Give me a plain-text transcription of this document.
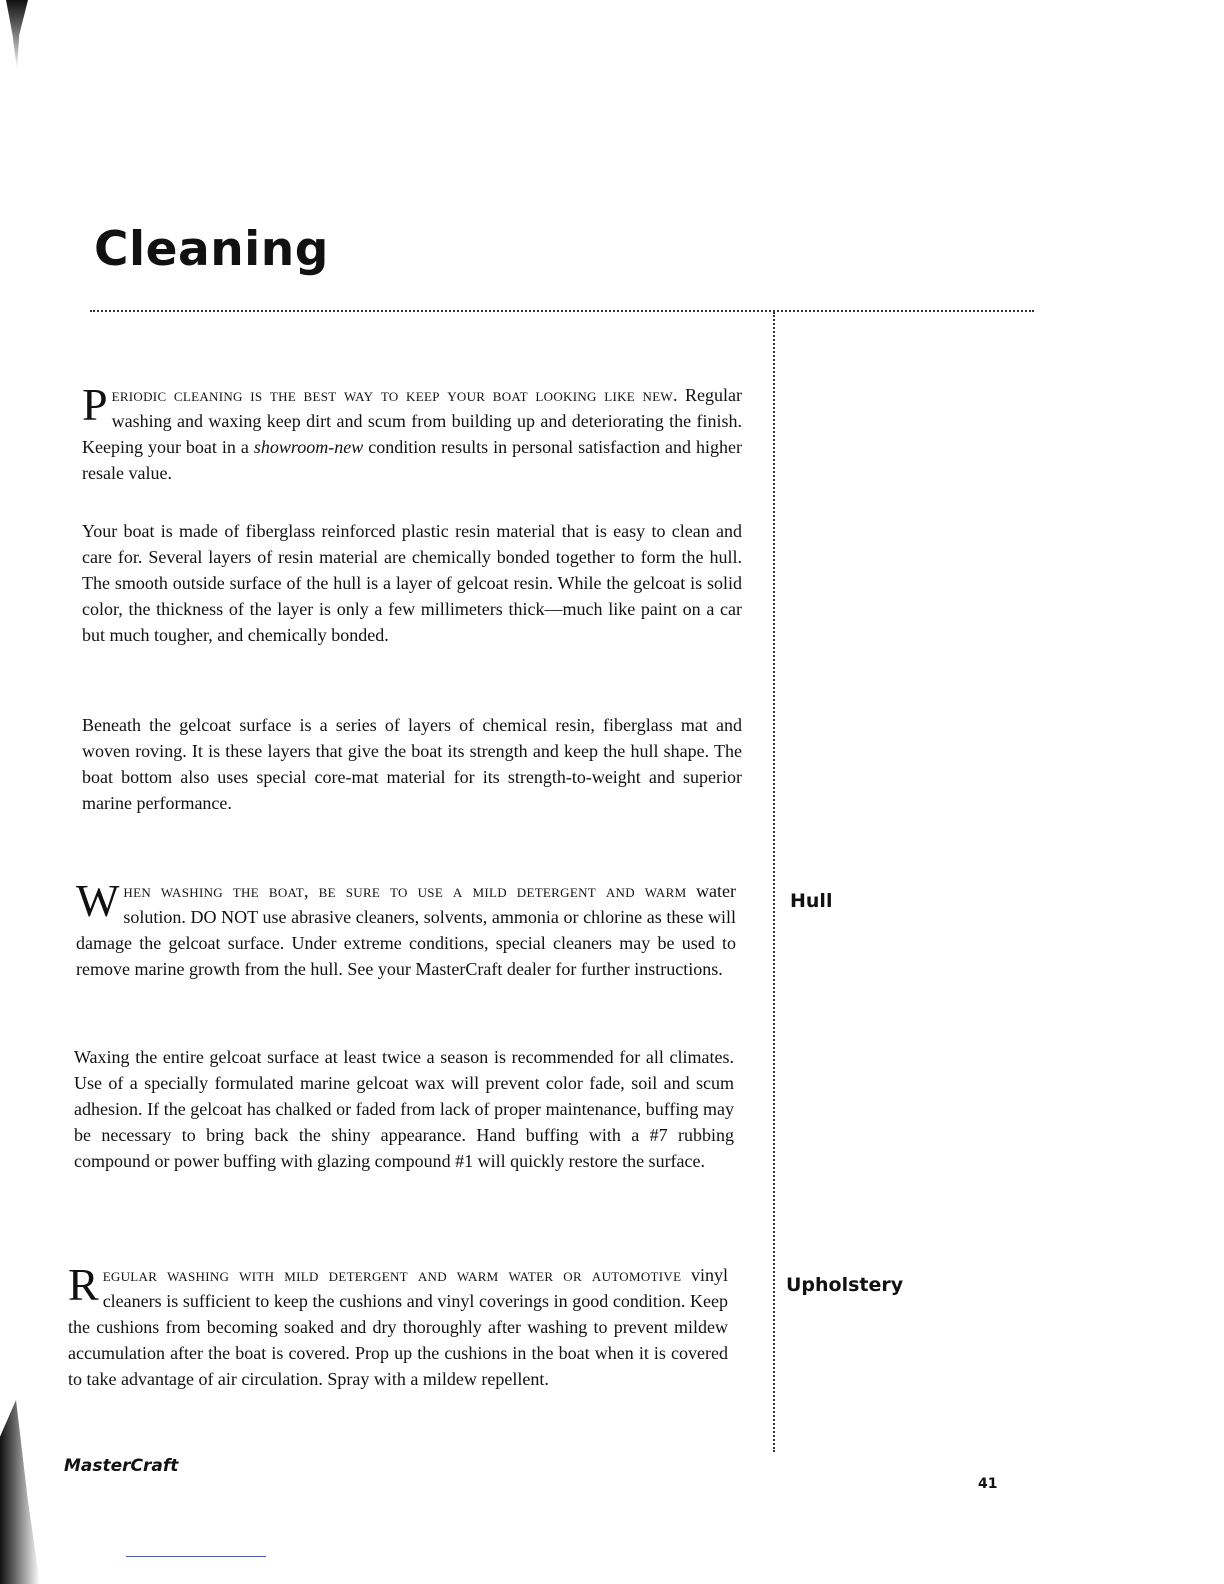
Cleaning

Periodic cleaning is the best way to keep your boat looking like new. Regular washing and waxing keep dirt and scum from building up and deteriorating the finish. Keeping your boat in a showroom-new condition results in personal satisfaction and higher resale value.

Your boat is made of fiberglass reinforced plastic resin material that is easy to clean and care for. Several layers of resin material are chemically bonded together to form the hull. The smooth outside surface of the hull is a layer of gelcoat resin. While the gelcoat is solid color, the thickness of the layer is only a few millimeters thick—much like paint on a car but much tougher, and chemically bonded.

Beneath the gelcoat surface is a series of layers of chemical resin, fiberglass mat and woven roving. It is these layers that give the boat its strength and keep the hull shape. The boat bottom also uses special core-mat material for its strength-to-weight and superior marine performance.

Hull

When washing the boat, be sure to use a mild detergent and warm water solution. DO NOT use abrasive cleaners, solvents, ammonia or chlorine as these will damage the gelcoat surface. Under extreme conditions, special cleaners may be used to remove marine growth from the hull. See your MasterCraft dealer for further instructions.

Waxing the entire gelcoat surface at least twice a season is recommended for all climates. Use of a specially formulated marine gelcoat wax will prevent color fade, soil and scum adhesion. If the gelcoat has chalked or faded from lack of proper maintenance, buffing may be necessary to bring back the shiny appearance. Hand buffing with a #7 rubbing compound or power buffing with glazing compound #1 will quickly restore the surface.

Upholstery

Regular washing with mild detergent and warm water or automotive vinyl cleaners is sufficient to keep the cushions and vinyl coverings in good condition. Keep the cushions from becoming soaked and dry thoroughly after washing to prevent mildew accumulation after the boat is covered. Prop up the cushions in the boat when it is covered to take advantage of air circulation. Spray with a mildew repellent.

MasterCraft
41
